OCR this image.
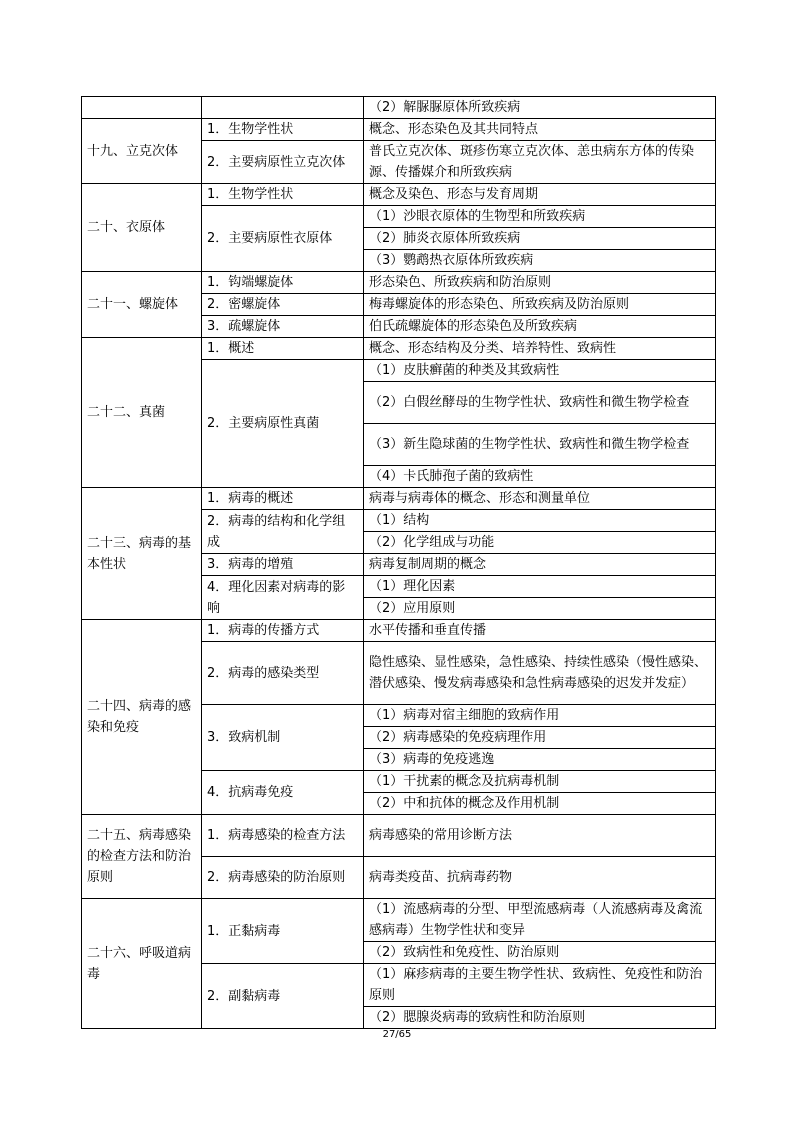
		（2）解脲脲原体所致疾病
十九、立克次体	1．生物学性状	概念、形态染色及其共同特点
	2．主要病原性立克次体	普氏立克次体、斑疹伤寒立克次体、恙虫病东方体的传染源、传播媒介和所致疾病
二十、衣原体	1．生物学性状	概念及染色、形态与发育周期
	2．主要病原性衣原体	（1）沙眼衣原体的生物型和所致疾病
		（2）肺炎衣原体所致疾病
		（3）鹦鹉热衣原体所致疾病
二十一、螺旋体	1．钩端螺旋体	形态染色、所致疾病和防治原则
	2．密螺旋体	梅毒螺旋体的形态染色、所致疾病及防治原则
	3．疏螺旋体	伯氏疏螺旋体的形态染色及所致疾病
二十二、真菌	1．概述	概念、形态结构及分类、培养特性、致病性
	2．主要病原性真菌	（1）皮肤癣菌的种类及其致病性
		（2）白假丝酵母的生物学性状、致病性和微生物学检查
		（3）新生隐球菌的生物学性状、致病性和微生物学检查
		（4）卡氏肺孢子菌的致病性
二十三、病毒的基本性状	1．病毒的概述	病毒与病毒体的概念、形态和测量单位
	2．病毒的结构和化学组成	（1）结构
		（2）化学组成与功能
	3．病毒的增殖	病毒复制周期的概念
	4．理化因素对病毒的影响	（1）理化因素
		（2）应用原则
二十四、病毒的感染和免疫	1．病毒的传播方式	水平传播和垂直传播
	2．病毒的感染类型	隐性感染、显性感染，急性感染、持续性感染（慢性感染、潜伏感染、慢发病毒感染和急性病毒感染的迟发并发症）
	3．致病机制	（1）病毒对宿主细胞的致病作用
		（2）病毒感染的免疫病理作用
		（3）病毒的免疫逃逸
	4．抗病毒免疫	（1）干扰素的概念及抗病毒机制
		（2）中和抗体的概念及作用机制
二十五、病毒感染的检查方法和防治原则	1．病毒感染的检查方法	病毒感染的常用诊断方法
	2．病毒感染的防治原则	病毒类疫苗、抗病毒药物
二十六、呼吸道病毒	1．正黏病毒	（1）流感病毒的分型、甲型流感病毒（人流感病毒及禽流感病毒）生物学性状和变异
		（2）致病性和免疫性、防治原则
	2．副黏病毒	（1）麻疹病毒的主要生物学性状、致病性、免疫性和防治原则
		（2）腮腺炎病毒的致病性和防治原则
27/65
